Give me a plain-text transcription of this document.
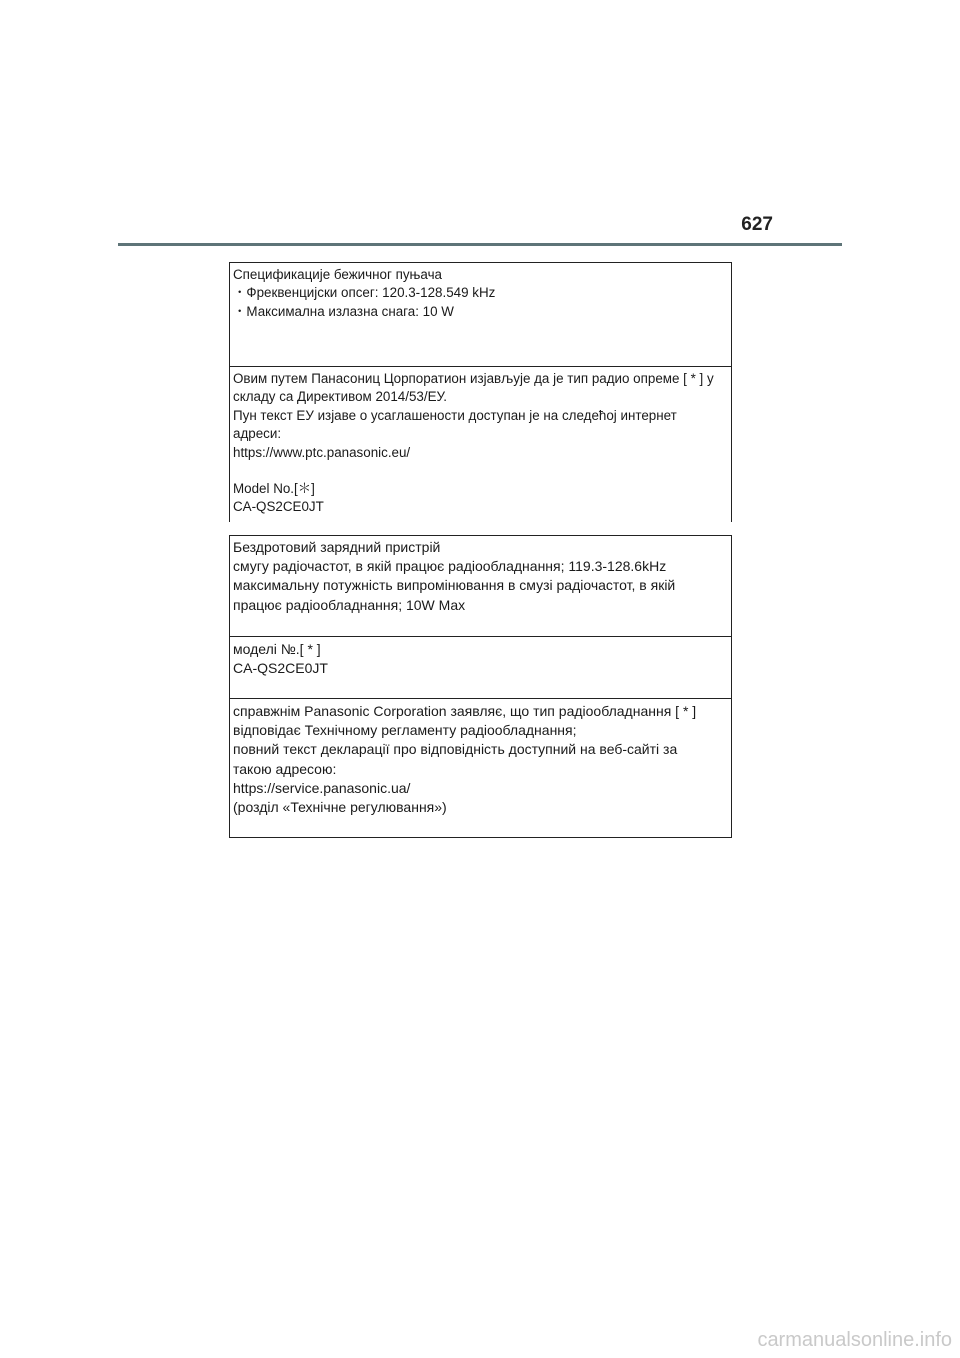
627
Спецификације бежичног пуњача
・Фреквенцијски опсег: 120.3-128.549 kHz
・Максимална излазна снага: 10 W
Овим путем Панасониц Цорпоратион изјављује да је тип радио опреме [ * ] у
складу са Директивом 2014/53/ЕУ.
Пун текст ЕУ изјаве о усаглашености доступан је на следећој интернет
адреси:
https://www.ptc.panasonic.eu/
Model No.[＊]
CA-QS2CE0JT
Бездротовий зарядний пристрій
смугу радіочастот, в якій працює радіообладнання; 119.3-128.6kHz
максимальну потужність випромінювання в смузі радіочастот, в якій
працює радіообладнання; 10W Max
моделі №.[ * ]
CA-QS2CE0JT
справжнім Panasonic Corporation заявляє, що тип радіообладнання [ * ]
відповідає Технічному регламенту радіообладнання;
повний текст декларації про відповідність доступний на веб-сайті за
такою адресою:
https://service.panasonic.ua/
(розділ «Технічне регулювання»)
carmanualsonline.info
